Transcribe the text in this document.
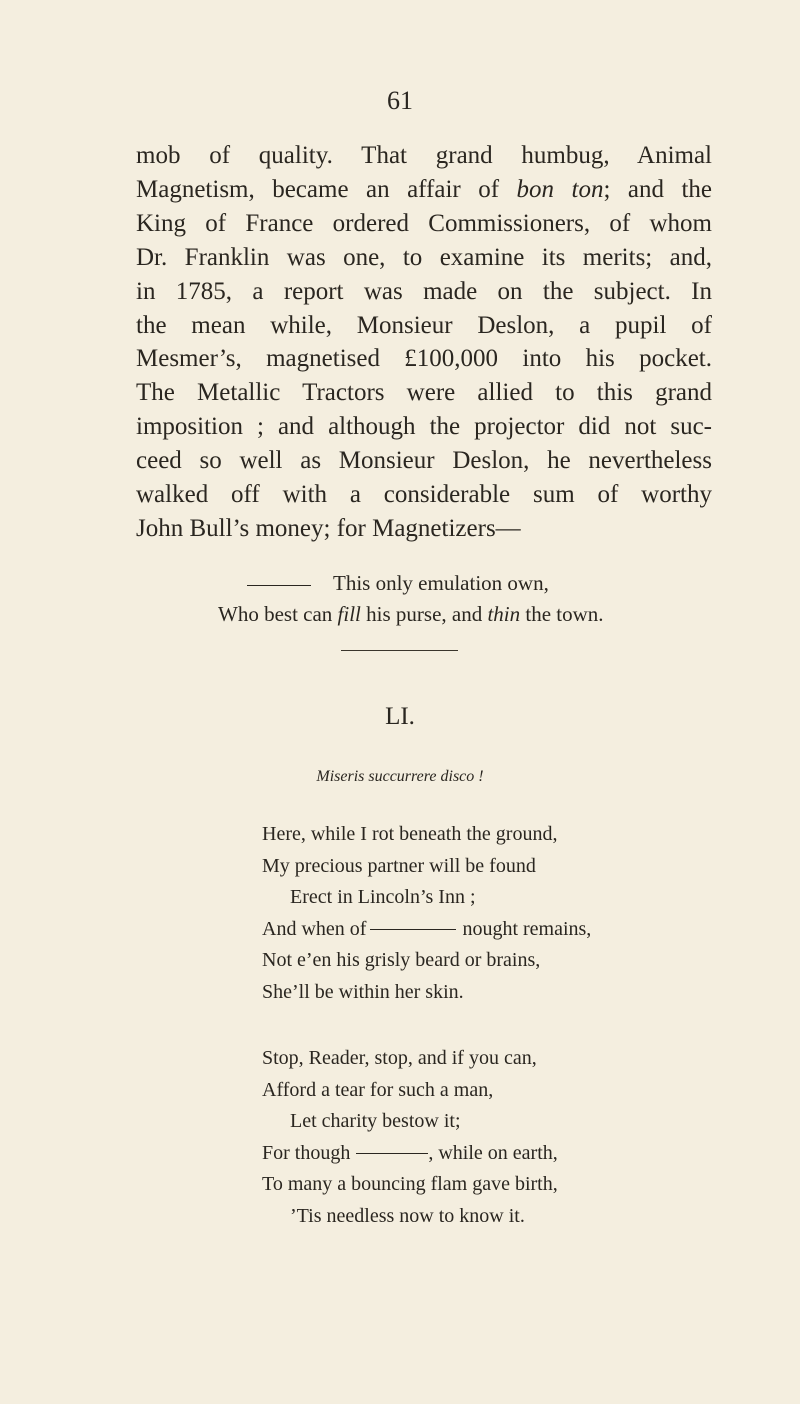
61
mob of quality. That grand humbug, Animal
Magnetism, became an affair of bon ton; and the
King of France ordered Commissioners, of whom
Dr. Franklin was one, to examine its merits; and,
in 1785, a report was made on the subject. In
the mean while, Monsieur Deslon, a pupil of
Mesmer’s, magnetised £100,000 into his pocket.
The Metallic Tractors were allied to this grand
imposition ; and although the projector did not suc-
ceed so well as Monsieur Deslon, he nevertheless
walked off with a considerable sum of worthy
John Bull’s money; for Magnetizers—
This only emulation own,
Who best can fill his purse, and thin the town.
LI.
Miseris succurrere disco !
Here, while I rot beneath the ground,
My precious partner will be found
Erect in Lincoln’s Inn ;
And when of	nought remains,
Not e’en his grisly beard or brains,
She’ll be within her skin.
Stop, Reader, stop, and if you can,
Afford a tear for such a man,
Let charity bestow it;
For though	, while on earth,
To many a bouncing flam gave birth,
’Tis needless now to know it.
